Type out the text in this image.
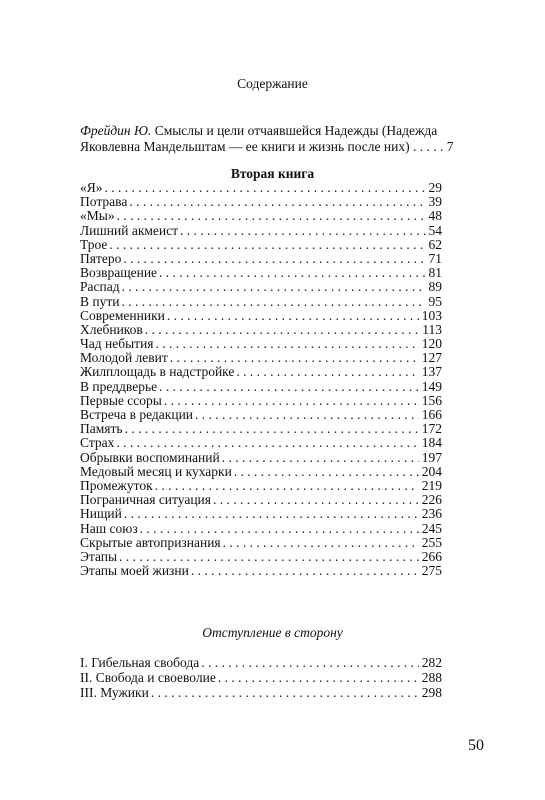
Содержание
Фрейдин Ю. Смыслы и цели отчаявшейся Надежды (Надежда Яковлевна Мандельштам — ее книги и жизнь после них) . . . . . 7
Вторая книга
«Я» . . .	29
Потрава . . .	39
«Мы» . . .	48
Лишний акмеист . . .	54
Трое . . .	62
Пятеро . . .	71
Возвращение . . .	81
Распад . . .	89
В пути . . .	95
Современники . . .	103
Хлебников . . .	113
Чад небытия . . .	120
Молодой левит . . .	127
Жилплощадь в надстройке . . .	137
В преддверье . . .	149
Первые ссоры . . .	156
Встреча в редакции . . .	166
Память . . .	172
Страх . . .	184
Обрывки воспоминаний . . .	197
Медовый месяц и кухарки . . .	204
Промежуток . . .	219
Пограничная ситуация . . .	226
Нищий . . .	236
Наш союз . . .	245
Скрытые автопризнания . . .	255
Этапы . . .	266
Этапы моей жизни . . .	275
Отступление в сторону
I. Гибельная свобода . . .	282
II. Свобода и своеволие . . .	288
III. Мужики . . .	298
50
